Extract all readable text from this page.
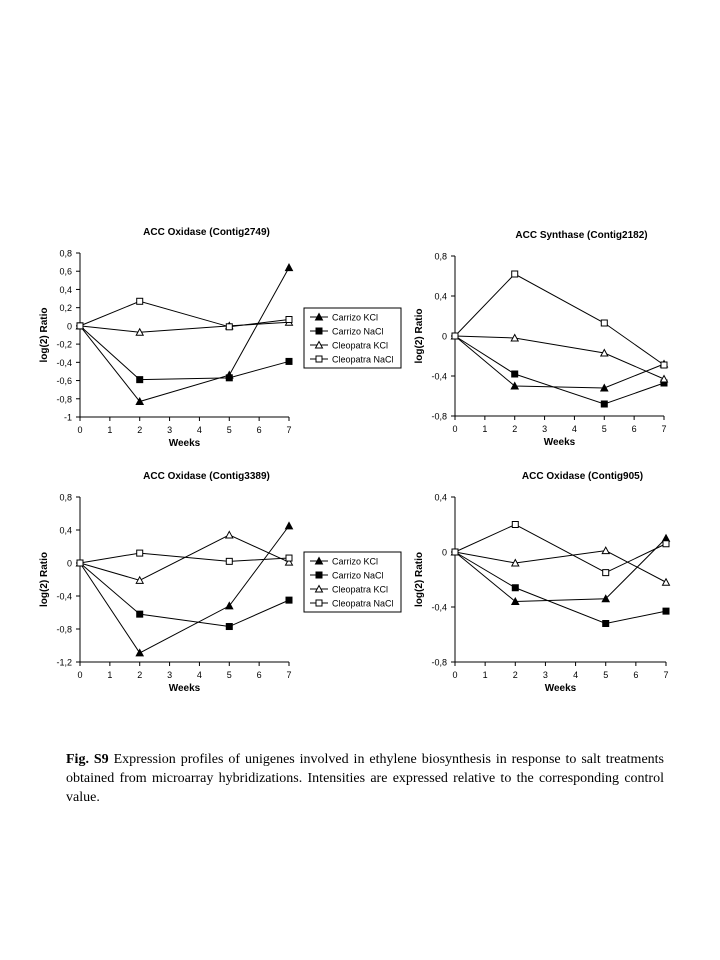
ACC Oxidase (Contig2749)
-1
-0,8
-0,6
-0,4
-0,2
0
0,2
0,4
0,6
0,8
0	1	2	3	4	5	6	7
Weeks
log(2) Ratio	Carrizo KCl
Carrizo NaCl
Cleopatra KCl
Cleopatra NaCl
ACC Synthase (Contig2182)
-0,8
-0,4
0
0,4
0,8
0	1	2	3	4	5	6	7
Weeks
log(2) Ratio
ACC Oxidase (Contig3389)
-1,2
-0,8
-0,4
0
0,4
0,8
0	1	2	3	4	5	6	7
Weeks
log(2) Ratio	Carrizo KCl
Carrizo NaCl
Cleopatra KCl
Cleopatra NaCl
ACC Oxidase (Contig905)
-0,8
-0,4
0
0,4
0	1	2	3	4	5	6	7
Weeks
log(2) Ratio

Fig. S9 Expression profiles of unigenes involved in ethylene biosynthesis in response to salt treatments obtained from microarray hybridizations. Intensities are expressed relative to the corresponding control value.
